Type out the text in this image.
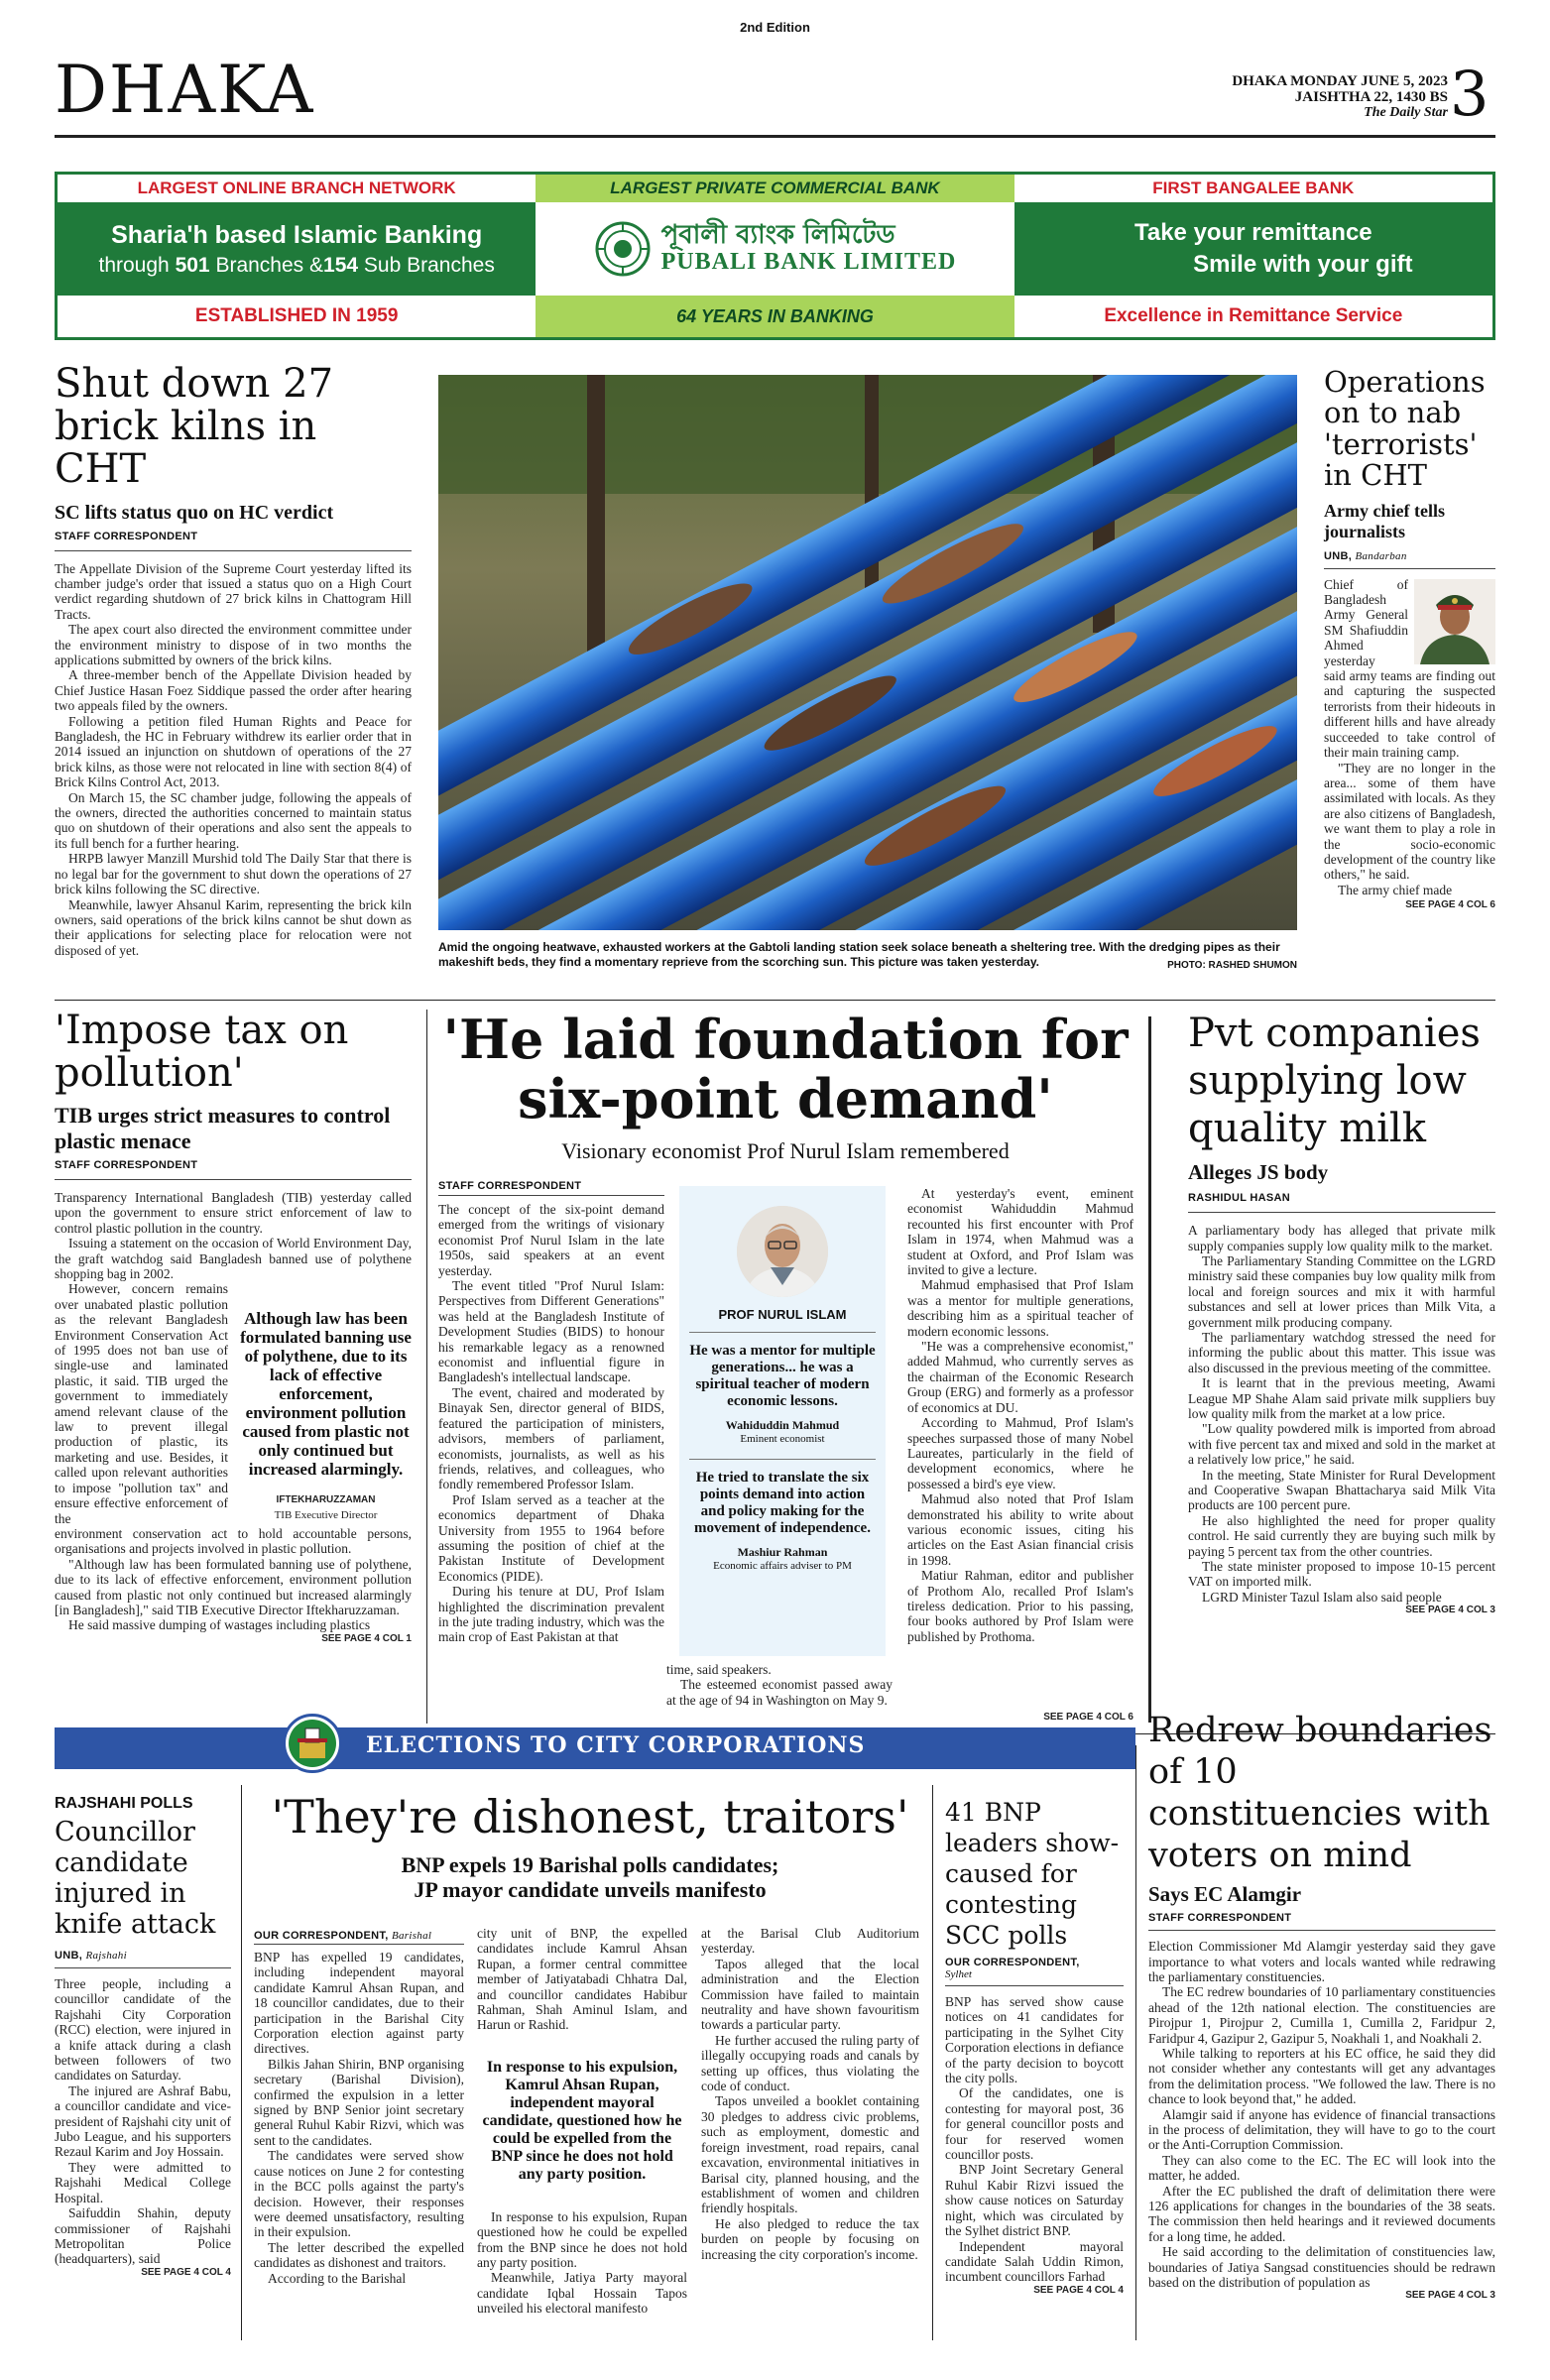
2nd Edition
DHAKA	DHAKA MONDAY JUNE 5, 2023
JAISHTHA 22, 1430 BS
The Daily Star 3
LARGEST ONLINE BRANCH NETWORK	LARGEST PRIVATE COMMERCIAL BANK	FIRST BANGALEE BANK
Sharia'h based Islamic Banking
through 501 Branches &154 Sub Branches
পূবালী ব্যাংক লিমিটেড
PUBALI BANK LIMITED
Take your remittance
Smile with your gift
ESTABLISHED IN 1959	64 YEARS IN BANKING	Excellence in Remittance Service
Shut down 27 brick kilns in CHT
SC lifts status quo on HC verdict
STAFF CORRESPONDENT

The Appellate Division of the Supreme Court yesterday lifted its chamber judge's order that issued a status quo on a High Court verdict regarding shutdown of 27 brick kilns in Chattogram Hill Tracts.

The apex court also directed the environment committee under the environment ministry to dispose of in two months the applications submitted by owners of the brick kilns.

A three-member bench of the Appellate Division headed by Chief Justice Hasan Foez Siddique passed the order after hearing two appeals filed by the owners.

Following a petition filed Human Rights and Peace for Bangladesh, the HC in February withdrew its earlier order that in 2014 issued an injunction on shutdown of operations of the 27 brick kilns, as those were not relocated in line with section 8(4) of Brick Kilns Control Act, 2013.

On March 15, the SC chamber judge, following the appeals of the owners, directed the authorities concerned to maintain status quo on shutdown of their operations and also sent the appeals to its full bench for a further hearing.

HRPB lawyer Manzill Murshid told The Daily Star that there is no legal bar for the government to shut down the operations of 27 brick kilns following the SC directive.

Meanwhile, lawyer Ahsanul Karim, representing the brick kiln owners, said operations of the brick kilns cannot be shut down as their applications for selecting place for relocation were not disposed of yet.	Amid the ongoing heatwave, exhausted workers at the Gabtoli landing station seek solace beneath a sheltering tree. With the dredging pipes as their makeshift beds, they find a momentary reprieve from the scorching sun. This picture was taken yesterday.	PHOTO: RASHED SHUMON
Operations on to nab 'terrorists' in CHT
Army chief tells journalists
UNB, Bandarban

Chief of Bangladesh Army General SM Shafiuddin Ahmed yesterday

said army teams are finding out and capturing the suspected terrorists from their hideouts in different hills and have already succeeded to take control of their main training camp.

"They are no longer in the area... some of them have assimilated with locals. As they are also citizens of Bangladesh, we want them to play a role in the socio-economic development of the country like others," he said.

The army chief made

SEE PAGE 4 COL 6
'Impose tax on pollution'
TIB urges strict measures to control plastic menace
STAFF CORRESPONDENT

Transparency International Bangladesh (TIB) yesterday called upon the government to ensure strict enforcement of law to control plastic pollution in the country.

Issuing a statement on the occasion of World Environment Day, the graft watchdog said Bangladesh banned use of polythene shopping bag in 2002.

However, concern remains over unabated plastic pollution as the relevant Bangladesh Environment Conservation Act of 1995 does not ban use of single-use and laminated plastic, it said. TIB urged the government to immediately amend relevant clause of the law to prevent illegal production of plastic, its marketing and use. Besides, it called upon relevant authorities to impose "pollution tax" and ensure effective enforcement of the

Although law has been formulated banning use of polythene, due to its lack of effective enforcement, environment pollution caused from plastic not only continued but increased alarmingly.
IFTEKHARUZZAMAN
TIB Executive Director

environment conservation act to hold accountable persons, organisations and projects involved in plastic pollution.

"Although law has been formulated banning use of polythene, due to its lack of effective enforcement, environment pollution caused from plastic not only continued but increased alarmingly [in Bangladesh]," said TIB Executive Director Iftekharuzzaman.

He said massive dumping of wastages including plastics

SEE PAGE 4 COL 1
'He laid foundation for six-point demand'
Visionary economist Prof Nurul Islam remembered
STAFF CORRESPONDENT

The concept of the six-point demand emerged from the writings of visionary economist Prof Nurul Islam in the late 1950s, said speakers at an event yesterday.

The event titled "Prof Nurul Islam: Perspectives from Different Generations" was held at the Bangladesh Institute of Development Studies (BIDS) to honour his remarkable legacy as a renowned economist and influential figure in Bangladesh's intellectual landscape.

The event, chaired and moderated by Binayak Sen, director general of BIDS, featured the participation of ministers, advisors, members of parliament, economists, journalists, as well as his friends, relatives, and colleagues, who fondly remembered Professor Islam.

Prof Islam served as a teacher at the economics department of Dhaka University from 1955 to 1964 before assuming the position of chief at the Pakistan Institute of Development Economics (PIDE).

During his tenure at DU, Prof Islam highlighted the discrimination prevalent in the jute trading industry, which was the main crop of East Pakistan at that

PROF NURUL ISLAM
He was a mentor for multiple generations... he was a spiritual teacher of modern economic lessons.
Wahiduddin Mahmud
Eminent economist
He tried to translate the six points demand into action and policy making for the movement of independence.
Mashiur Rahman
Economic affairs adviser to PM

time, said speakers.

The esteemed economist passed away at the age of 94 in Washington on May 9.

At yesterday's event, eminent economist Wahiduddin Mahmud recounted his first encounter with Prof Islam in 1974, when Mahmud was a student at Oxford, and Prof Islam was invited to give a lecture.

Mahmud emphasised that Prof Islam was a mentor for multiple generations, describing him as a spiritual teacher of modern economic lessons.

"He was a comprehensive economist," added Mahmud, who currently serves as the chairman of the Economic Research Group (ERG) and formerly as a professor of economics at DU.

According to Mahmud, Prof Islam's speeches surpassed those of many Nobel Laureates, particularly in the field of development economics, where he possessed a bird's eye view.

Mahmud also noted that Prof Islam demonstrated his ability to write about various economic issues, citing his articles on the East Asian financial crisis in 1998.

Matiur Rahman, editor and publisher of Prothom Alo, recalled Prof Islam's tireless dedication. Prior to his passing, four books authored by Prof Islam were published by Prothoma.

SEE PAGE 4 COL 6
Pvt companies supplying low quality milk
Alleges JS body
RASHIDUL HASAN

A parliamentary body has alleged that private milk supply companies supply low quality milk to the market.

The Parliamentary Standing Committee on the LGRD ministry said these companies buy low quality milk from local and foreign sources and mix it with harmful substances and sell at lower prices than Milk Vita, a government milk producing company.

The parliamentary watchdog stressed the need for informing the public about this matter. This issue was also discussed in the previous meeting of the committee.

It is learnt that in the previous meeting, Awami League MP Shahe Alam said private milk suppliers buy low quality milk from the market at a low price.

"Low quality powdered milk is imported from abroad with five percent tax and mixed and sold in the market at a relatively low price," he said.

In the meeting, State Minister for Rural Development and Cooperative Swapan Bhattacharya said Milk Vita products are 100 percent pure.

He also highlighted the need for proper quality control. He said currently they are buying such milk by paying 5 percent tax from the other countries.

The state minister proposed to impose 10-15 percent VAT on imported milk.

LGRD Minister Tazul Islam also said people

SEE PAGE 4 COL 3
ELECTIONS TO CITY CORPORATIONS
RAJSHAHI POLLS
Councillor candidate injured in knife attack
UNB, Rajshahi

Three people, including a councillor candidate of the Rajshahi City Corporation (RCC) election, were injured in a knife attack during a clash between followers of two candidates on Saturday.

The injured are Ashraf Babu, a councillor candidate and vice-president of Rajshahi city unit of Jubo League, and his supporters Rezaul Karim and Joy Hossain.

They were admitted to Rajshahi Medical College Hospital.

Saifuddin Shahin, deputy commissioner of Rajshahi Metropolitan Police (headquarters), said

SEE PAGE 4 COL 4
'They're dishonest, traitors'
BNP expels 19 Barishal polls candidates;
JP mayor candidate unveils manifesto
OUR CORRESPONDENT, Barishal

BNP has expelled 19 candidates, including independent mayoral candidate Kamrul Ahsan Rupan, and 18 councillor candidates, due to their participation in the Barishal City Corporation election against party directives.

Bilkis Jahan Shirin, BNP organising secretary (Barishal Division), confirmed the expulsion in a letter signed by BNP Senior joint secretary general Ruhul Kabir Rizvi, which was sent to the candidates.

The candidates were served show cause notices on June 2 for contesting in the BCC polls against the party's decision. However, their responses were deemed unsatisfactory, resulting in their expulsion.

The letter described the expelled candidates as dishonest and traitors.

According to the Barishal

city unit of BNP, the expelled candidates include Kamrul Ahsan Rupan, a former central committee member of Jatiyatabadi Chhatra Dal, and councillor candidates Habibur Rahman, Shah Aminul Islam, and Harun or Rashid.

In response to his expulsion, Kamrul Ahsan Rupan, independent mayoral candidate, questioned how he could be expelled from the BNP since he does not hold any party position.

In response to his expulsion, Rupan questioned how he could be expelled from the BNP since he does not hold any party position.

Meanwhile, Jatiya Party mayoral candidate Iqbal Hossain Tapos unveiled his electoral manifesto

at the Barisal Club Auditorium yesterday.

Tapos alleged that the local administration and the Election Commission have failed to maintain neutrality and have shown favouritism towards a particular party.

He further accused the ruling party of illegally occupying roads and canals by setting up offices, thus violating the code of conduct.

Tapos unveiled a booklet containing 30 pledges to address civic problems, such as employment, domestic and foreign investment, road repairs, canal excavation, environmental initiatives in Barisal city, planned housing, and the establishment of women and children friendly hospitals.

He also pledged to reduce the tax burden on people by focusing on increasing the city corporation's income.

41 BNP leaders show-caused for contesting SCC polls
OUR CORRESPONDENT,
Sylhet

BNP has served show cause notices on 41 candidates for participating in the Sylhet City Corporation elections in defiance of the party decision to boycott the city polls.

Of the candidates, one is contesting for mayoral post, 36 for general councillor posts and four for reserved women councillor posts.

BNP Joint Secretary General Ruhul Kabir Rizvi issued the show cause notices on Saturday night, which was circulated by the Sylhet district BNP.

Independent mayoral candidate Salah Uddin Rimon, incumbent councillors Farhad

SEE PAGE 4 COL 4
Redrew boundaries of 10 constituencies with voters on mind
Says EC Alamgir
STAFF CORRESPONDENT

Election Commissioner Md Alamgir yesterday said they gave importance to what voters and locals wanted while redrawing the parliamentary constituencies.

The EC redrew boundaries of 10 parliamentary constituencies ahead of the 12th national election. The constituencies are Pirojpur 1, Pirojpur 2, Cumilla 1, Cumilla 2, Faridpur 2, Faridpur 4, Gazipur 2, Gazipur 5, Noakhali 1, and Noakhali 2.

While talking to reporters at his EC office, he said they did not consider whether any contestants will get any advantages from the delimitation process. "We followed the law. There is no chance to look beyond that," he added.

Alamgir said if anyone has evidence of financial transactions in the process of delimitation, they will have to go to the court or the Anti-Corruption Commission.

They can also come to the EC. The EC will look into the matter, he added.

After the EC published the draft of delimitation there were 126 applications for changes in the boundaries of the 38 seats. The commission then held hearings and it reviewed documents for a long time, he added.

He said according to the delimitation of constituencies law, boundaries of Jatiya Sangsad constituencies should be redrawn based on the distribution of population as

SEE PAGE 4 COL 3
